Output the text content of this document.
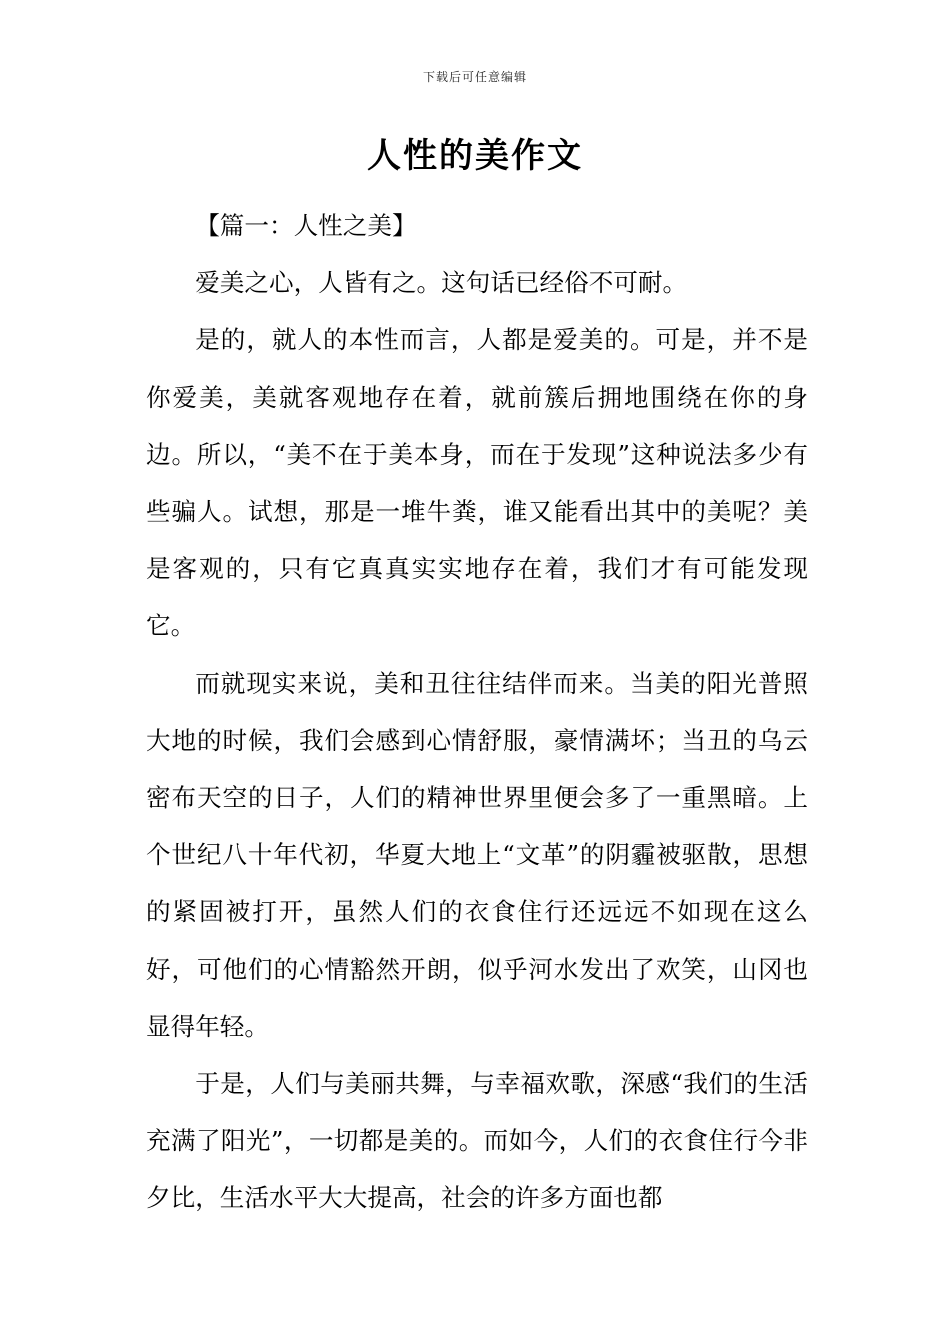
下载后可任意编辑
人性的美作文

【篇一：人性之美】

爱美之心，人皆有之。这句话已经俗不可耐。

是的，就人的本性而言，人都是爱美的。可是，并不是你爱美，美就客观地存在着，就前簇后拥地围绕在你的身边。所以，“美不在于美本身，而在于发现”这种说法多少有些骗人。试想，那是一堆牛粪，谁又能看出其中的美呢？美是客观的，只有它真真实实地存在着，我们才有可能发现它。

而就现实来说，美和丑往往结伴而来。当美的阳光普照大地的时候，我们会感到心情舒服，豪情满坏；当丑的乌云密布天空的日子，人们的精神世界里便会多了一重黑暗。上个世纪八十年代初，华夏大地上“文革”的阴霾被驱散，思想的紧固被打开，虽然人们的衣食住行还远远不如现在这么好，可他们的心情豁然开朗，似乎河水发出了欢笑，山冈也显得年轻。

于是，人们与美丽共舞，与幸福欢歌，深感“我们的生活充满了阳光”，一切都是美的。而如今，人们的衣食住行今非夕比，生活水平大大提高，社会的许多方面也都
